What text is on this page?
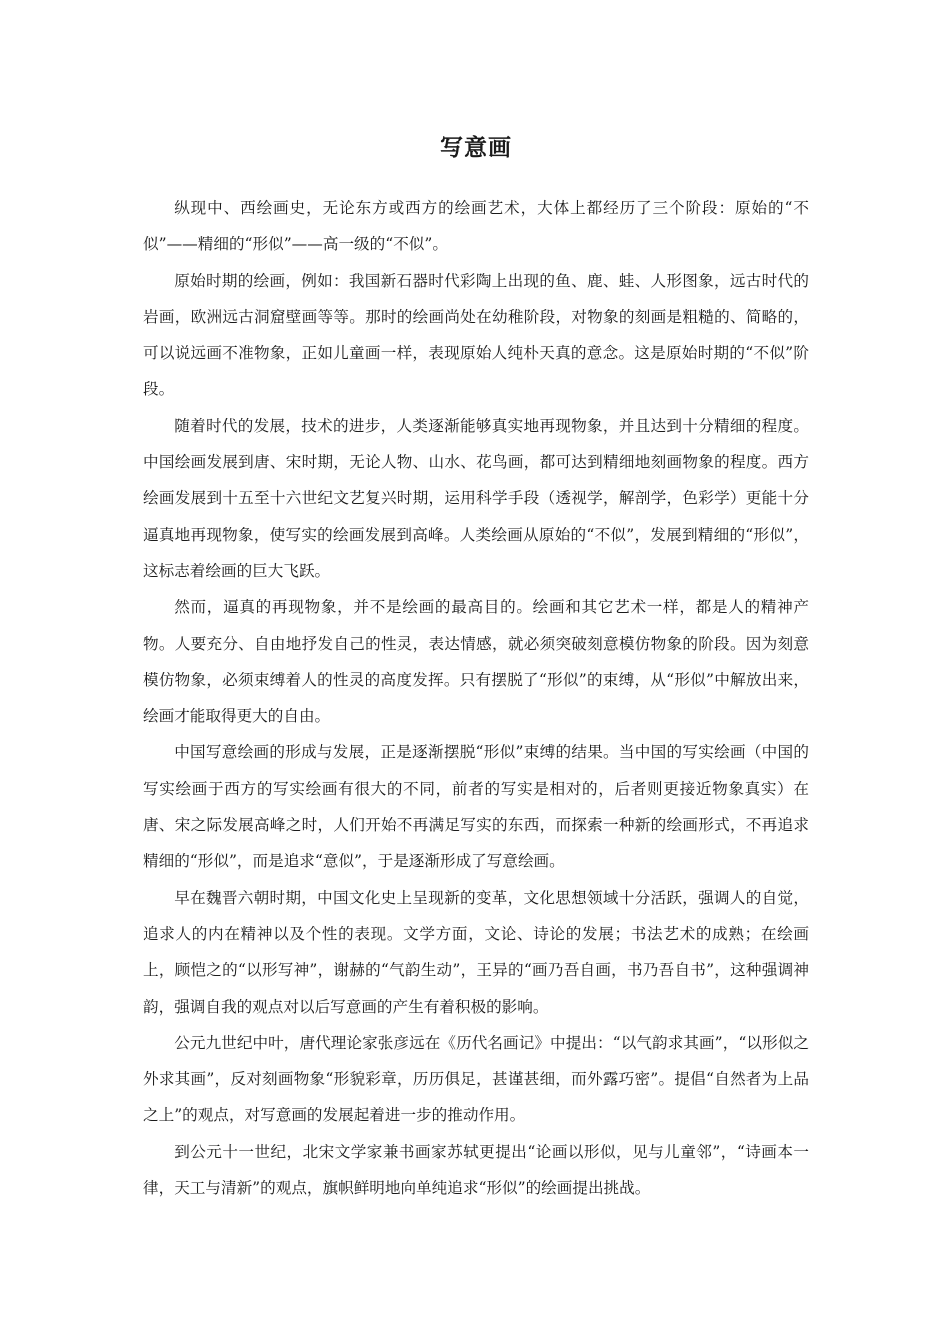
写意画

纵现中、西绘画史，无论东方或西方的绘画艺术，大体上都经历了三个阶段：原始的“不似”——精细的“形似”——高一级的“不似”。

原始时期的绘画，例如：我国新石器时代彩陶上出现的鱼、鹿、蛙、人形图象，远古时代的岩画，欧洲远古洞窟壁画等等。那时的绘画尚处在幼稚阶段，对物象的刻画是粗糙的、简略的，可以说远画不准物象，正如儿童画一样，表现原始人纯朴天真的意念。这是原始时期的“不似”阶段。

随着时代的发展，技术的进步，人类逐渐能够真实地再现物象，并且达到十分精细的程度。中国绘画发展到唐、宋时期，无论人物、山水、花鸟画，都可达到精细地刻画物象的程度。西方绘画发展到十五至十六世纪文艺复兴时期，运用科学手段（透视学，解剖学，色彩学）更能十分逼真地再现物象，使写实的绘画发展到高峰。人类绘画从原始的“不似”，发展到精细的“形似”，这标志着绘画的巨大飞跃。

然而，逼真的再现物象，并不是绘画的最高目的。绘画和其它艺术一样，都是人的精神产物。人要充分、自由地抒发自己的性灵，表达情感，就必须突破刻意模仿物象的阶段。因为刻意模仿物象，必须束缚着人的性灵的高度发挥。只有摆脱了“形似”的束缚，从“形似”中解放出来，绘画才能取得更大的自由。

中国写意绘画的形成与发展，正是逐渐摆脱“形似”束缚的结果。当中国的写实绘画（中国的写实绘画于西方的写实绘画有很大的不同，前者的写实是相对的，后者则更接近物象真实）在唐、宋之际发展高峰之时，人们开始不再满足写实的东西，而探索一种新的绘画形式，不再追求精细的“形似”，而是追求“意似”，于是逐渐形成了写意绘画。

早在魏晋六朝时期，中国文化史上呈现新的变革，文化思想领域十分活跃，强调人的自觉，追求人的内在精神以及个性的表现。文学方面，文论、诗论的发展；书法艺术的成熟；在绘画上，顾恺之的“以形写神”，谢赫的“气韵生动”，王异的“画乃吾自画，书乃吾自书”，这种强调神韵，强调自我的观点对以后写意画的产生有着积极的影响。

公元九世纪中叶，唐代理论家张彦远在《历代名画记》中提出：“以气韵求其画”，“以形似之外求其画”，反对刻画物象“形貌彩章，历历俱足，甚谨甚细，而外露巧密”。提倡“自然者为上品之上”的观点，对写意画的发展起着进一步的推动作用。

到公元十一世纪，北宋文学家兼书画家苏轼更提出“论画以形似，见与儿童邻”，“诗画本一律，天工与清新”的观点，旗帜鲜明地向单纯追求“形似”的绘画提出挑战。
